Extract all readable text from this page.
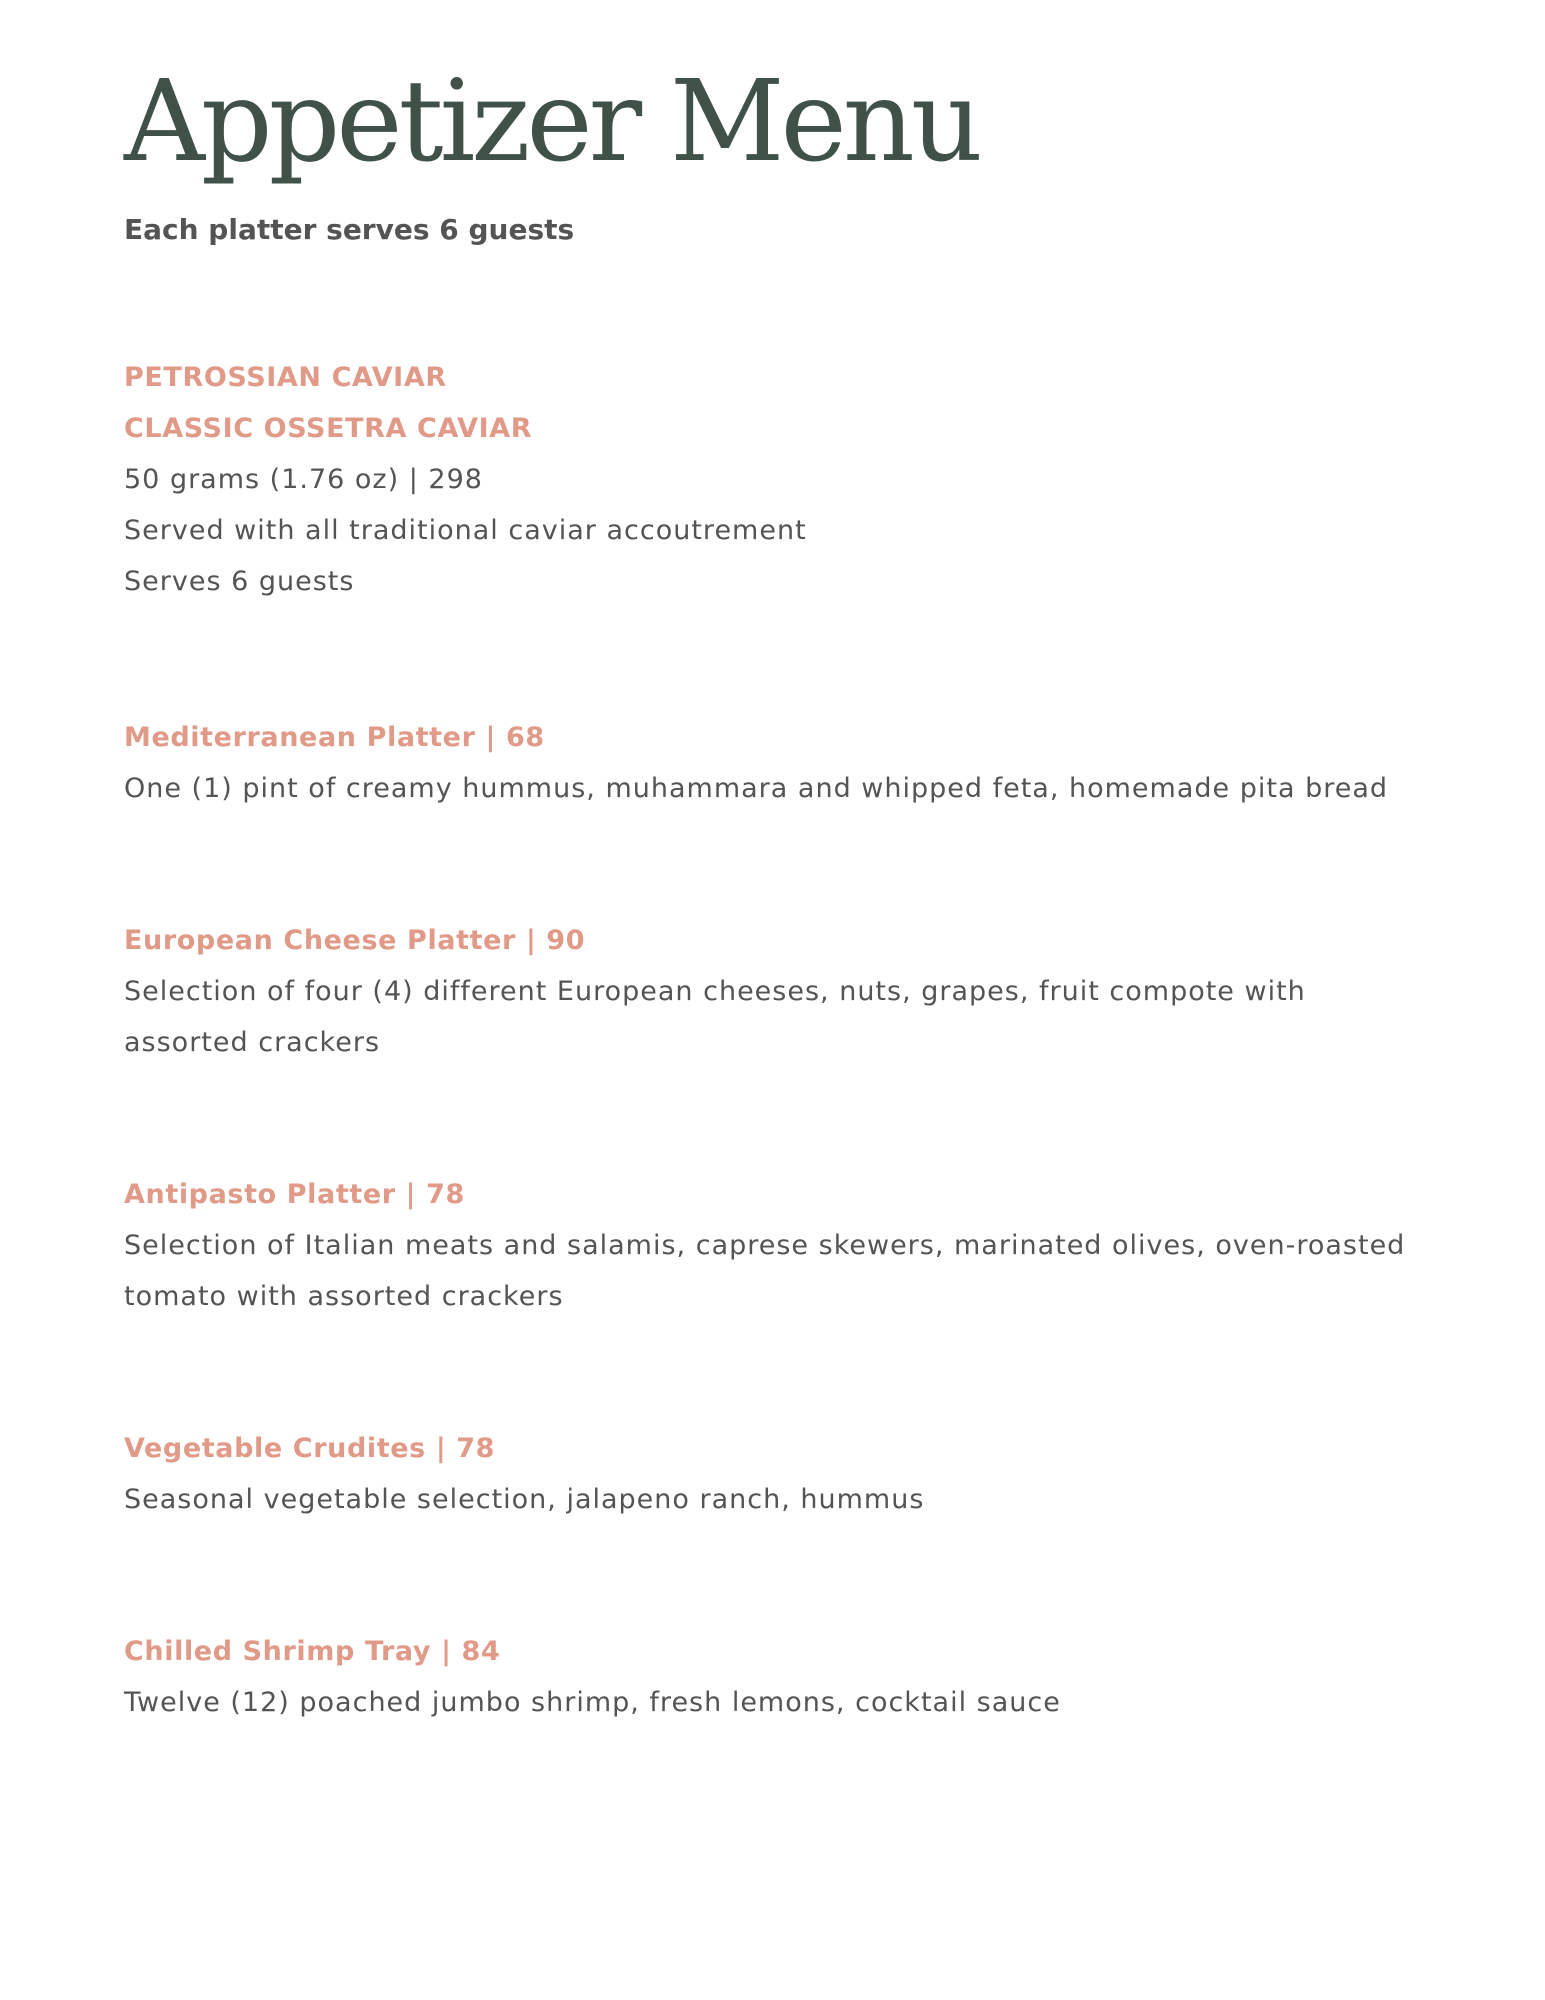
Appetizer Menu
Each platter serves 6 guests
PETROSSIAN CAVIAR
CLASSIC OSSETRA CAVIAR
50 grams (1.76 oz) | 298
Served with all traditional caviar accoutrement
Serves 6 guests
Mediterranean Platter | 68
One (1) pint of creamy hummus, muhammara and whipped feta, homemade pita bread
European Cheese Platter | 90
Selection of four (4) different European cheeses, nuts, grapes, fruit compote with assorted crackers
Antipasto Platter | 78
Selection of Italian meats and salamis, caprese skewers, marinated olives, oven-roasted tomato with assorted crackers
Vegetable Crudites | 78
Seasonal vegetable selection, jalapeno ranch, hummus
Chilled Shrimp Tray | 84
Twelve (12) poached jumbo shrimp, fresh lemons, cocktail sauce
